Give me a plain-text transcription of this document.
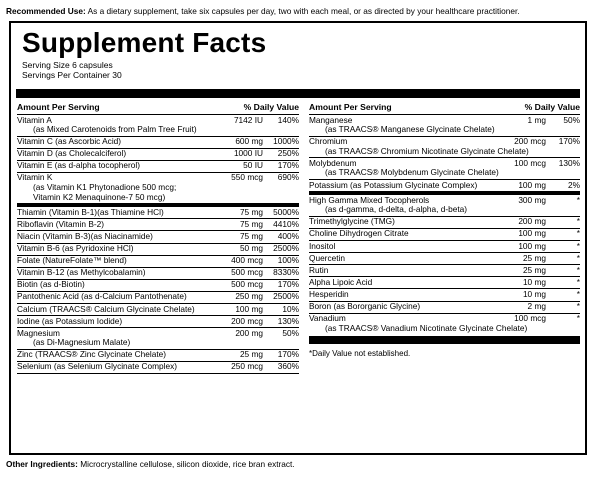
Recommended Use: As a dietary supplement, take six capsules per day, two with each meal, or as directed by your healthcare practitioner.
Supplement Facts
Serving Size 6 capsules
Servings Per Container 30
Amount Per Serving	% Daily Value
Vitamin A	7142 IU 140%
(as Mixed Carotenoids from Palm Tree Fruit)
Vitamin C (as Ascorbic Acid)	600 mg 1000%
Vitamin D (as Cholecalciferol)	1000 IU 250%
Vitamin E (as d-alpha tocopherol)	50 IU 170%
Vitamin K	550 mcg 690%
(as Vitamin K1 Phytonadione 500 mcg;
Vitamin K2 Menaquinone-7 50 mcg)
Thiamin (Vitamin B-1)(as Thiamine HCl)	75 mg 5000%
Riboflavin (Vitamin B-2)	75 mg 4410%
Niacin (Vitamin B-3)(as Niacinamide)	75 mg 400%
Vitamin B-6 (as Pyridoxine HCl)	50 mg 2500%
Folate (NatureFolate™ blend)	400 mcg 100%
Vitamin B-12 (as Methylcobalamin)	500 mcg 8330%
Biotin (as d-Biotin)	500 mcg 170%
Pantothenic Acid (as d-Calcium Pantothenate)	250 mg 2500%
Calcium (TRAACS® Calcium Glycinate Chelate)	100 mg 10%
Iodine (as Potassium Iodide)	200 mcg 130%
Magnesium	200 mg 50%
(as Di-Magnesium Malate)
Zinc (TRAACS® Zinc Glycinate Chelate)	25 mg 170%
Selenium (as Selenium Glycinate Complex)	250 mcg 360%
Amount Per Serving	% Daily Value
Manganese	1 mg 50%
(as TRAACS® Manganese Glycinate Chelate)
Chromium	200 mcg 170%
(as TRAACS® Chromium Nicotinate Glycinate Chelate)
Molybdenum	100 mcg 130%
(as TRAACS® Molybdenum Glycinate Chelate)
Potassium (as Potassium Glycinate Complex)	100 mg	2%
High Gamma Mixed Tocopherols	300 mg	*
(as d-gamma, d-delta, d-alpha, d-beta)
Trimethylglycine (TMG)	200 mg	*
Choline Dihydrogen Citrate	100 mg	*
Inositol	100 mg	*
Quercetin	25 mg	*
Rutin	25 mg	*
Alpha Lipoic Acid	10 mg	*
Hesperidin	10 mg	*
Boron (as Bororganic Glycine)	2 mg	*
Vanadium	100 mcg	*
(as TRAACS® Vanadium Nicotinate Glycinate Chelate)
*Daily Value not established.
Other Ingredients: Microcrystalline cellulose, silicon dioxide, rice bran extract.
